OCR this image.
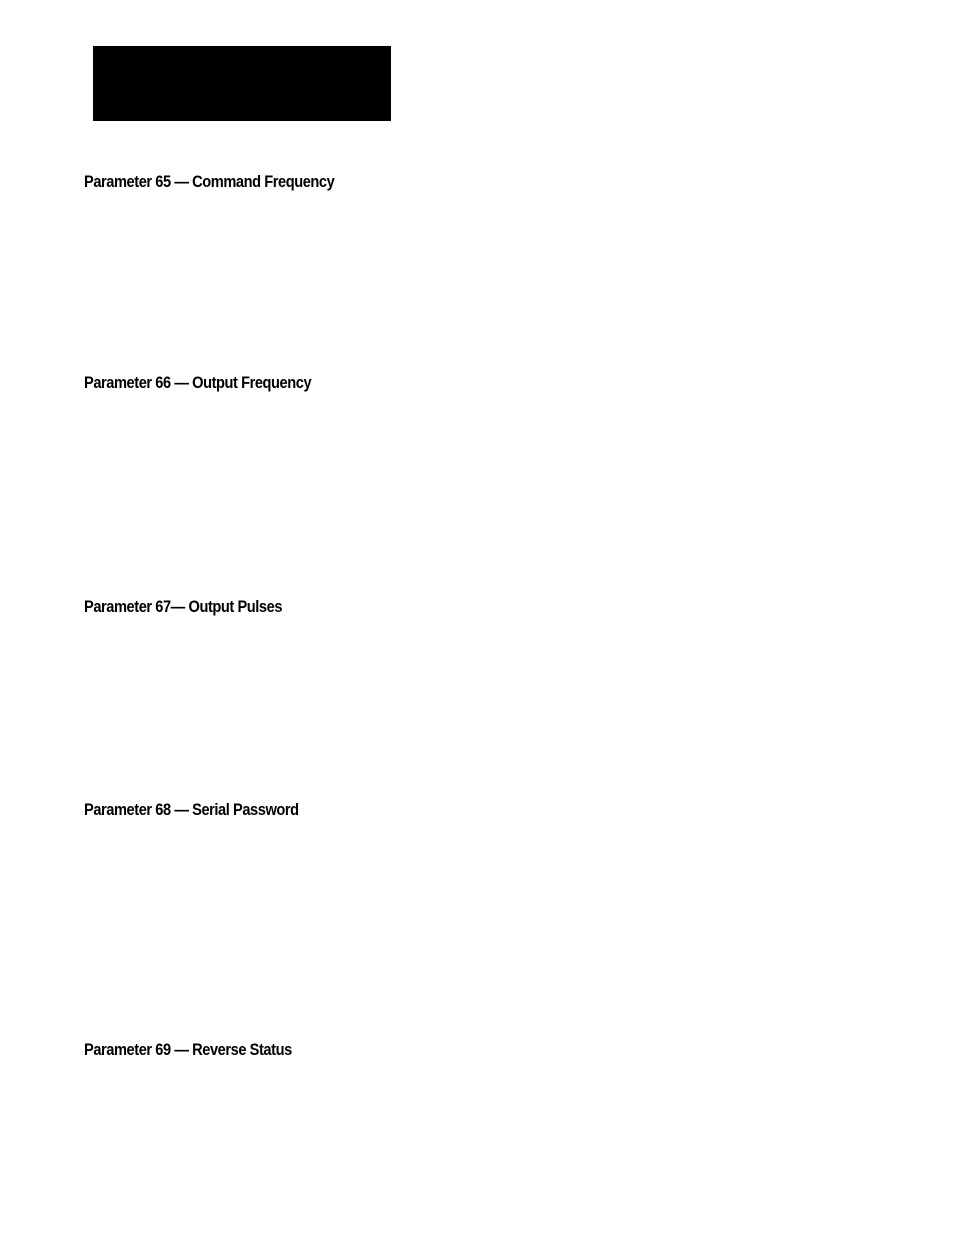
Parameter 65 — Command Frequency
Parameter 66 — Output Frequency
Parameter 67— Output Pulses
Parameter 68 — Serial Password
Parameter 69 — Reverse Status
